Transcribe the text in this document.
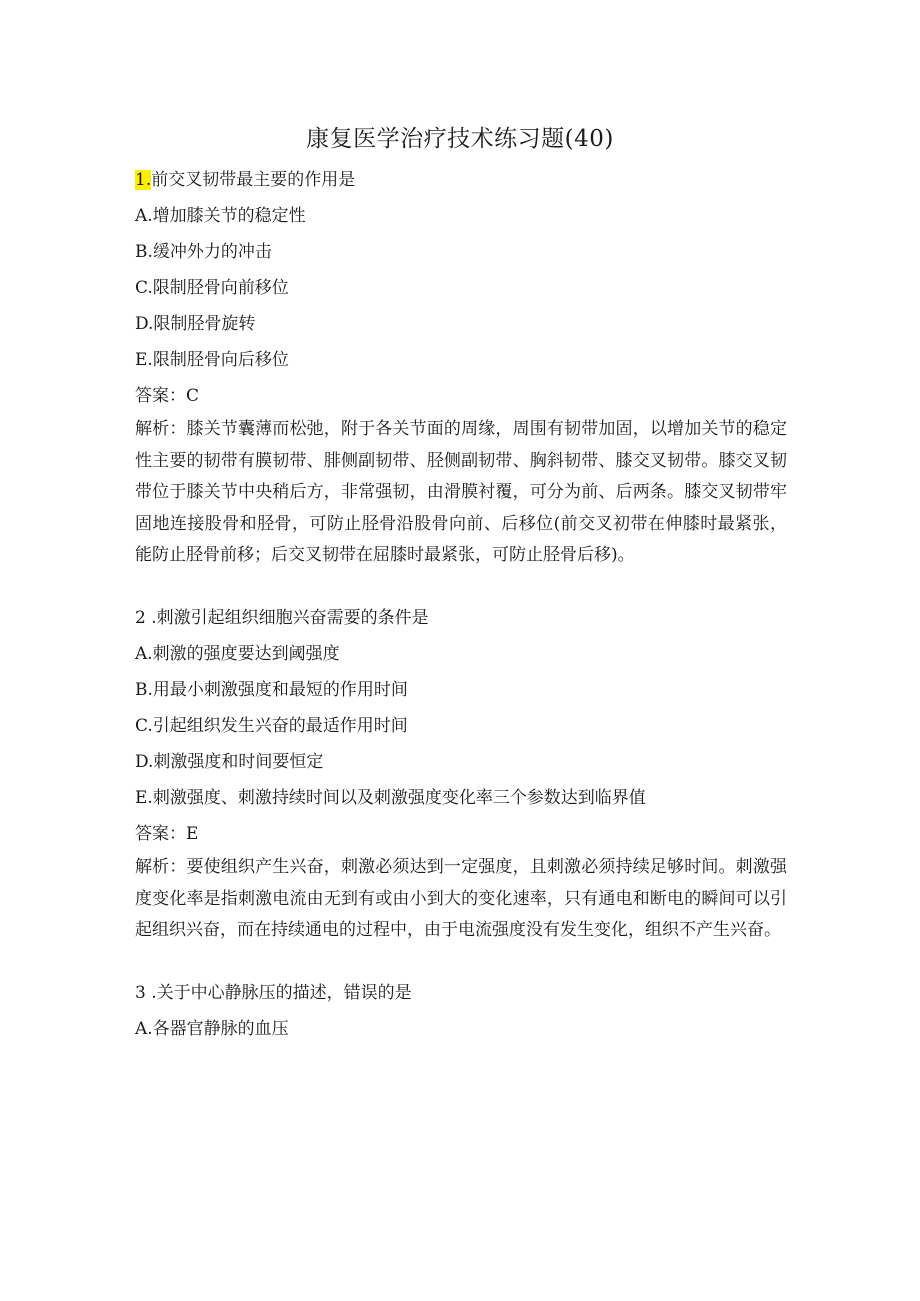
康复医学治疗技术练习题(40)
1.前交叉韧带最主要的作用是
A.增加膝关节的稳定性
B.缓冲外力的冲击
C.限制胫骨向前移位
D.限制胫骨旋转
E.限制胫骨向后移位
答案：C
解析：膝关节囊薄而松弛，附于各关节面的周缘，周围有韧带加固，以增加关节的稳定性主要的韧带有膜韧带、腓侧副韧带、胫侧副韧带、胸斜韧带、膝交叉韧带。膝交叉韧带位于膝关节中央稍后方，非常强韧，由滑膜衬覆，可分为前、后两条。膝交叉韧带牢固地连接股骨和胫骨，可防止胫骨沿股骨向前、后移位(前交叉初带在伸膝时最紧张，能防止胫骨前移；后交叉韧带在屈膝时最紧张，可防止胫骨后移)。
2 .刺激引起组织细胞兴奋需要的条件是
A.刺激的强度要达到阈强度
B.用最小刺激强度和最短的作用时间
C.引起组织发生兴奋的最适作用时间
D.刺激强度和时间要恒定
E.刺激强度、刺激持续时间以及刺激强度变化率三个参数达到临界值
答案：E
解析：要使组织产生兴奋，刺激必须达到一定强度，且刺激必须持续足够时间。刺激强度变化率是指刺激电流由无到有或由小到大的变化速率，只有通电和断电的瞬间可以引起组织兴奋，而在持续通电的过程中，由于电流强度没有发生变化，组织不产生兴奋。
3 .关于中心静脉压的描述，错误的是
A.各器官静脉的血压
